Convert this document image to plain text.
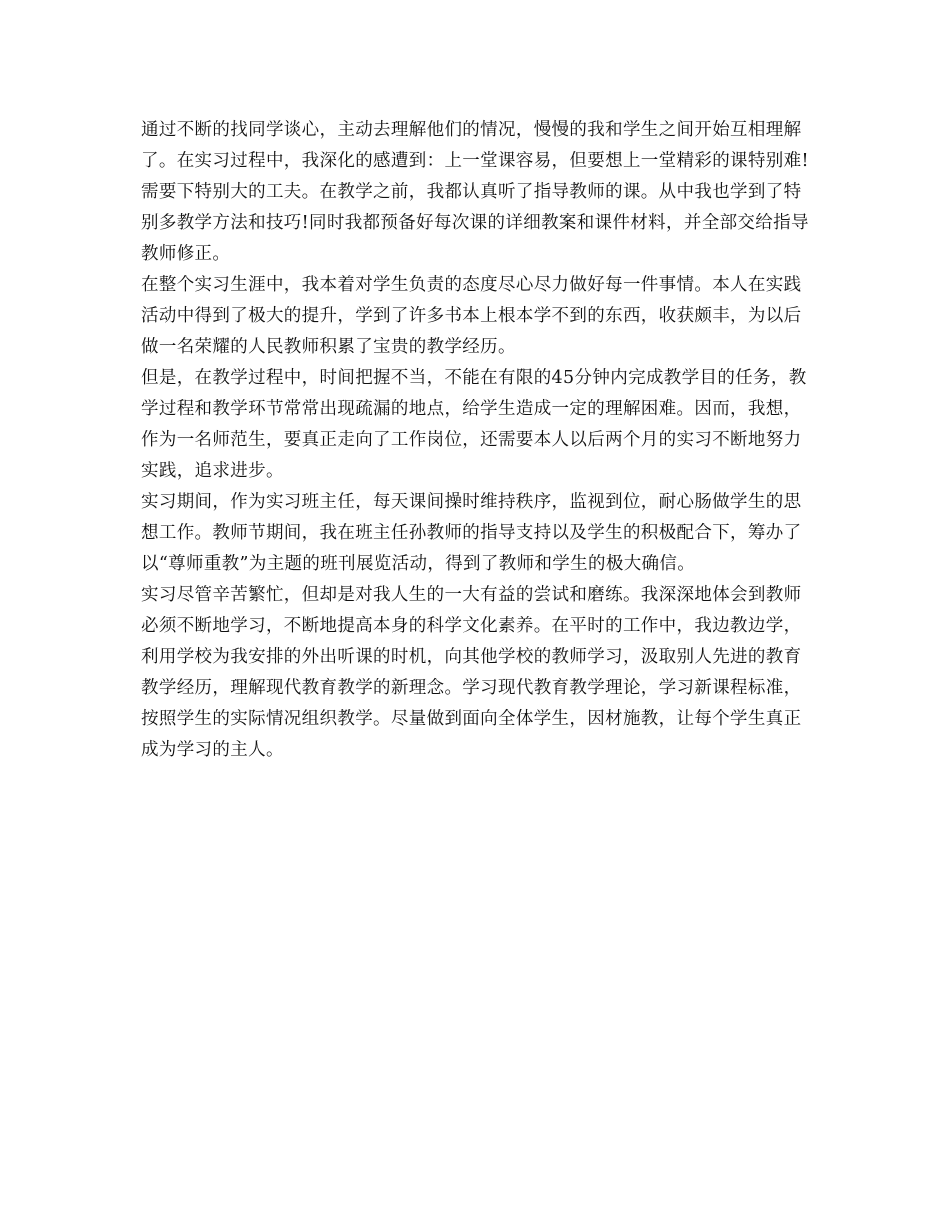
通过不断的找同学谈心，主动去理解他们的情况，慢慢的我和学生之间开始互相理解了。在实习过程中，我深化的感遭到：上一堂课容易，但要想上一堂精彩的课特别难!需要下特别大的工夫。在教学之前，我都认真听了指导教师的课。从中我也学到了特别多教学方法和技巧!同时我都预备好每次课的详细教案和课件材料，并全部交给指导教师修正。

在整个实习生涯中，我本着对学生负责的态度尽心尽力做好每一件事情。本人在实践活动中得到了极大的提升，学到了许多书本上根本学不到的东西，收获颇丰，为以后做一名荣耀的人民教师积累了宝贵的教学经历。

但是，在教学过程中，时间把握不当，不能在有限的45分钟内完成教学目的任务，教学过程和教学环节常常出现疏漏的地点，给学生造成一定的理解困难。因而，我想，作为一名师范生，要真正走向了工作岗位，还需要本人以后两个月的实习不断地努力实践，追求进步。

实习期间，作为实习班主任，每天课间操时维持秩序，监视到位，耐心肠做学生的思想工作。教师节期间，我在班主任孙教师的指导支持以及学生的积极配合下，筹办了以“尊师重教”为主题的班刊展览活动，得到了教师和学生的极大确信。

实习尽管辛苦繁忙，但却是对我人生的一大有益的尝试和磨练。我深深地体会到教师必须不断地学习，不断地提高本身的科学文化素养。在平时的工作中，我边教边学，利用学校为我安排的外出听课的时机，向其他学校的教师学习，汲取别人先进的教育教学经历，理解现代教育教学的新理念。学习现代教育教学理论，学习新课程标准，按照学生的实际情况组织教学。尽量做到面向全体学生，因材施教，让每个学生真正成为学习的主人。
